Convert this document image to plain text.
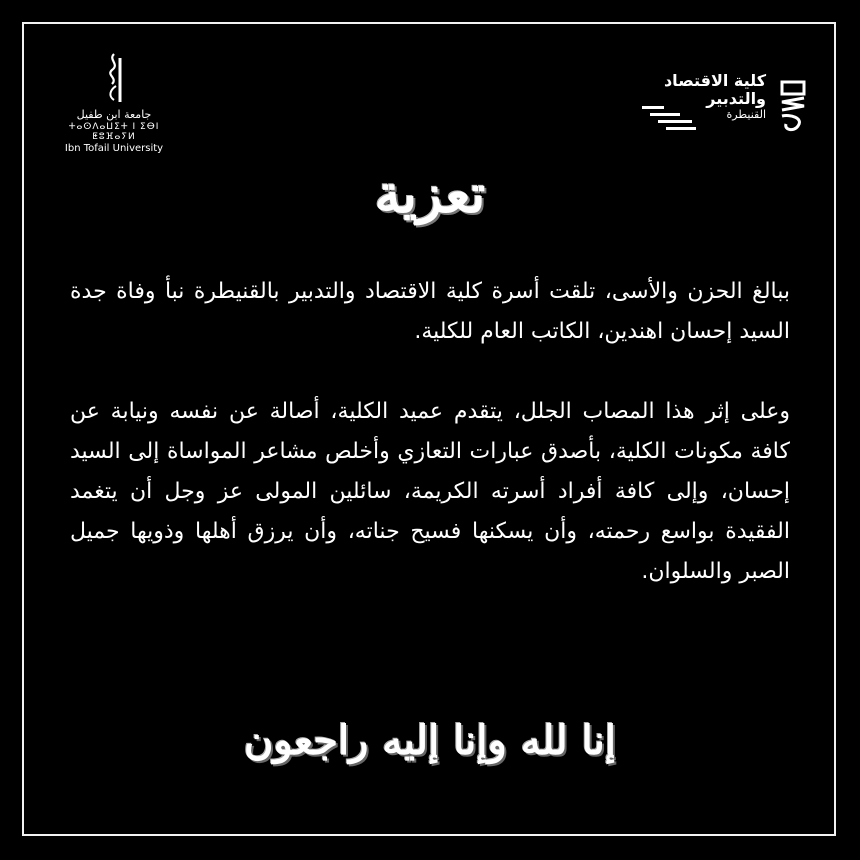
جامعة ابن طفيل
ⵜⴰⵙⴷⴰⵡⵉⵜ ⵏ ⵉⴱⵏ ⵟⵓⴼⴰⵢⵍ
Ibn Tofail University
كلية الاقتصاد
والتدبير
القنيطرة
تعزية

ببالغ الحزن والأسى، تلقت أسرة كلية الاقتصاد والتدبير بالقنيطرة نبأ وفاة جدة السيد إحسان اهندين، الكاتب العام للكلية.

وعلى إثر هذا المصاب الجلل، يتقدم عميد الكلية، أصالة عن نفسه ونيابة عن كافة مكونات الكلية، بأصدق عبارات التعازي وأخلص مشاعر المواساة إلى السيد إحسان، وإلى كافة أفراد أسرته الكريمة، سائلين المولى عز وجل أن يتغمد الفقيدة بواسع رحمته، وأن يسكنها فسيح جناته، وأن يرزق أهلها وذويها جميل الصبر والسلوان.

إنا لله وإنا إليه راجعون
